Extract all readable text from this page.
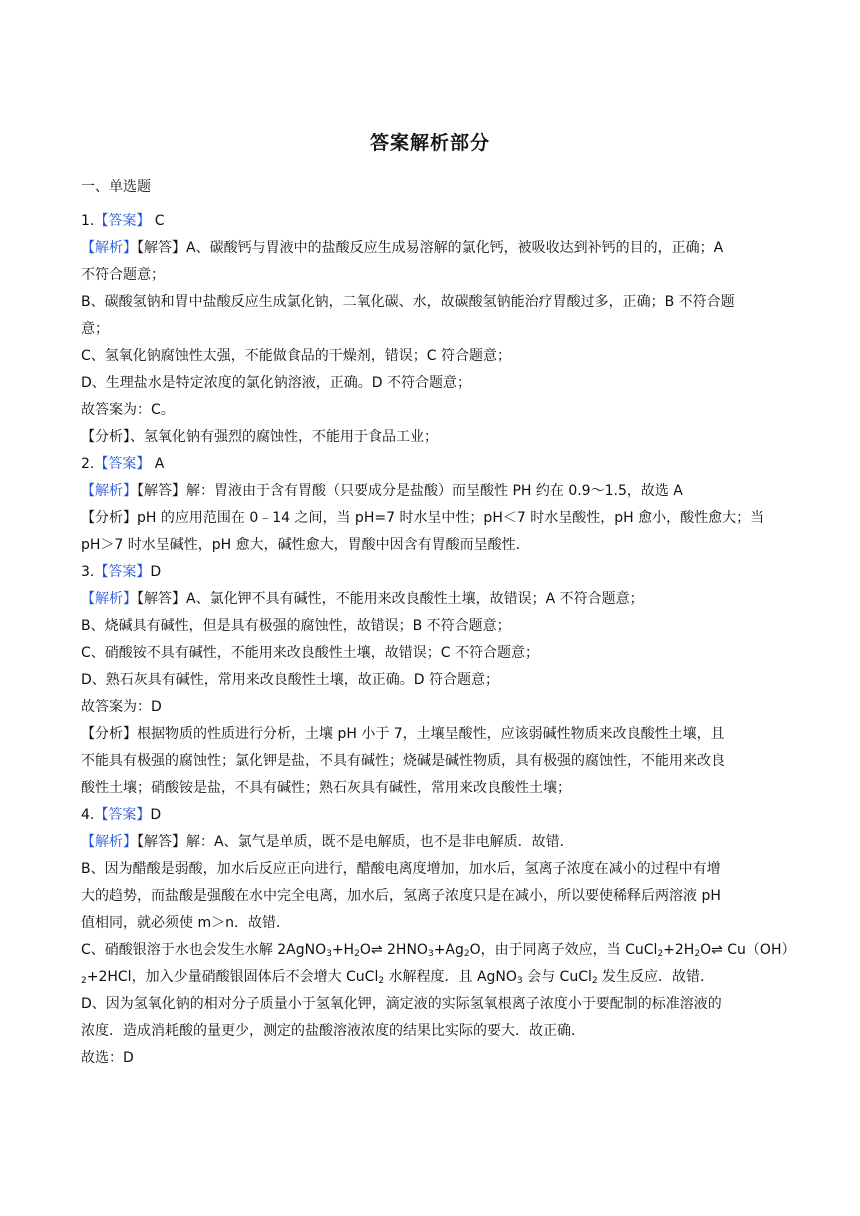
答案解析部分
一、单选题
1.【答案】 C
【解析】【解答】A、碳酸钙与胃液中的盐酸反应生成易溶解的氯化钙，被吸收达到补钙的目的，正确；A
不符合题意；
B、碳酸氢钠和胃中盐酸反应生成氯化钠，二氧化碳、水，故碳酸氢钠能治疗胃酸过多，正确；B 不符合题
意；
C、氢氧化钠腐蚀性太强，不能做食品的干燥剂，错误；C 符合题意；
D、生理盐水是特定浓度的氯化钠溶液，正确。D 不符合题意；
故答案为：C。
【分析】、氢氧化钠有强烈的腐蚀性，不能用于食品工业；
2.【答案】 A
【解析】【解答】解：胃液由于含有胃酸（只要成分是盐酸）而呈酸性 PH 约在 0.9～1.5，故选 A
【分析】pH 的应用范围在 0﹣14 之间，当 pH=7 时水呈中性；pH＜7 时水呈酸性，pH 愈小，酸性愈大；当
pH＞7 时水呈碱性，pH 愈大，碱性愈大，胃酸中因含有胃酸而呈酸性．
3.【答案】D
【解析】【解答】A、氯化钾不具有碱性，不能用来改良酸性土壤，故错误；A 不符合题意；
B、烧碱具有碱性，但是具有极强的腐蚀性，故错误；B 不符合题意；
C、硝酸铵不具有碱性，不能用来改良酸性土壤，故错误；C 不符合题意；
D、熟石灰具有碱性，常用来改良酸性土壤，故正确。D 符合题意；
故答案为：D
【分析】根据物质的性质进行分析，土壤 pH 小于 7，土壤呈酸性，应该弱碱性物质来改良酸性土壤，且
不能具有极强的腐蚀性；氯化钾是盐，不具有碱性；烧碱是碱性物质，具有极强的腐蚀性，不能用来改良
酸性土壤；硝酸铵是盐，不具有碱性；熟石灰具有碱性，常用来改良酸性土壤；
4.【答案】D
【解析】【解答】解：A、氯气是单质，既不是电解质，也不是非电解质．故错．
B、因为醋酸是弱酸，加水后反应正向进行，醋酸电离度增加，加水后，氢离子浓度在减小的过程中有增
大的趋势，而盐酸是强酸在水中完全电离，加水后，氢离子浓度只是在减小，所以要使稀释后两溶液 pH
值相同，就必须使 m＞n．故错．
C、硝酸银溶于水也会发生水解 $2AgNO_3+H_2O\rightleftharpoons$ $2HNO_3+Ag_2O$，由于同离子效应，当 $CuCl_2+2H_2O\rightleftharpoons$ Cu（OH）
$_2$+2HCl，加入少量硝酸银固体后不会增大 CuCl$_2$ 水解程度．且 AgNO$_3$ 会与 CuCl$_2$ 发生反应．故错．
D、因为氢氧化钠的相对分子质量小于氢氧化钾，滴定液的实际氢氧根离子浓度小于要配制的标准溶液的
浓度．造成消耗酸的量更少，测定的盐酸溶液浓度的结果比实际的要大．故正确．
故选：D
